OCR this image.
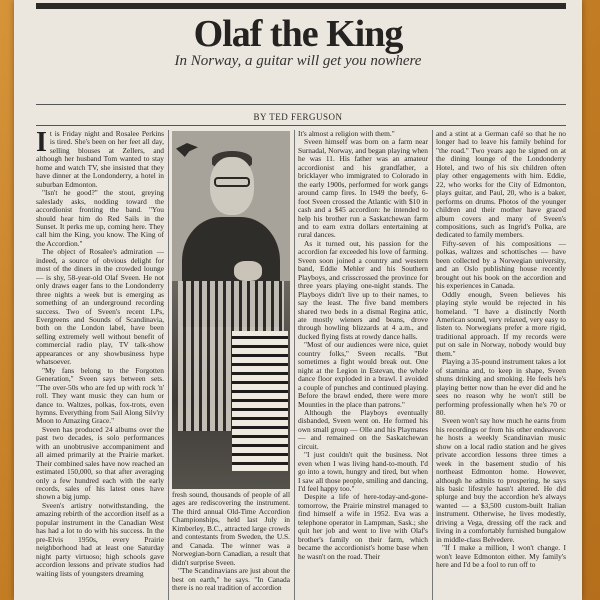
Olaf the King
In Norway, a guitar will get you nowhere
BY TED FERGUSON

It is Friday night and Rosalee Perkins is tired. She's been on her feet all day, selling blouses at Zellers, and although her husband Tom wanted to stay home and watch TV, she insisted that they have dinner at the Londonderry, a hotel in suburban Edmonton.

"Isn't he good?" the stout, greying saleslady asks, nodding toward the accordionist fronting the band. "You should hear him do Red Sails in the Sunset. It perks me up, coming here. They call him the King, you know. The King of the Accordion."

The object of Rosalee's admiration — indeed, a source of obvious delight for most of the diners in the crowded lounge — is shy, 58-year-old Olaf Sveen. He not only draws eager fans to the Londonderry three nights a week but is emerging as something of an underground recording success. Two of Sveen's recent LPs, Evergreens and Sounds of Scandinavia, both on the London label, have been selling extremely well without benefit of commercial radio play, TV talk-show appearances or any showbusiness hype whatsoever.

"My fans belong to the Forgotten Generation," Sveen says between sets. "The over-50s who are fed up with rock 'n' roll. They want music they can hum or dance to. Waltzes, polkas, fox-trots, even hymns. Everything from Sail Along Silv'ry Moon to Amazing Grace."

Sveen has produced 24 albums over the past two decades, is solo performances with an unobtrusive accompaniment and all aimed primarily at the Prairie market. Their combined sales have now reached an estimated 150,000, so that after averaging only a few hundred each with the early records, sales of his latest ones have shown a big jump.

Sveen's artistry notwithstanding, the amazing rebirth of the accordion itself as a popular instrument in the Canadian West has had a lot to do with his success. In the pre-Elvis 1950s, every Prairie neighborhood had at least one Saturday night party virtuoso; high schools gave accordion lessons and private studios had waiting lists of youngsters dreaming

fresh sound, thousands of people of all ages are rediscovering the instrument. The third annual Old-Time Accordion Championships, held last July in Kimberley, B.C., attracted large crowds and contestants from Sweden, the U.S. and Canada. The winner was a Norwegian-born Canadian, a result that didn't surprise Sveen.

"The Scandinavians are just about the best on earth," he says. "In Canada there is no real tradition of accordion

It's almost a religion with them."

Sveen himself was born on a farm near Surnadal, Norway, and began playing when he was 11. His father was an amateur accordionist and his grandfather, a bricklayer who immigrated to Colorado in the early 1900s, performed for work gangs around camp fires. In 1949 the beefy, 6-foot Sveen crossed the Atlantic with $10 in cash and a $45 accordion: he intended to help his brother run a Saskatchewan farm and to earn extra dollars entertaining at rural dances.

As it turned out, his passion for the accordion far exceeded his love of farming. Sveen soon joined a country and western band, Eddie Mehler and his Southern Playboys, and crisscrossed the province for three years playing one-night stands. The Playboys didn't live up to their names, to say the least. The five band members shared two beds in a dismal Regina attic, ate mostly wieners and beans, drove through howling blizzards at 4 a.m., and ducked flying fists at rowdy dance halls.

"Most of our audiences were nice, quiet country folks," Sveen recalls. "But sometimes a fight would break out. One night at the Legion in Estevan, the whole dance floor exploded in a brawl. I avoided a couple of punches and continued playing. Before the brawl ended, there were more Mounties in the place than patrons."

Although the Playboys eventually disbanded, Sveen went on. He formed his own small group — Olle and his Playmates — and remained on the Saskatchewan circuit.

"I just couldn't quit the business. Not even when I was living hand-to-mouth. I'd go into a town, hungry and tired, but when I saw all those people, smiling and dancing, I'd feel happy too."

Despite a life of here-today-and-gone-tomorrow, the Prairie minstrel managed to find himself a wife in 1952. Eva was a telephone operator in Lampman, Sask.; she quit her job and went to live with Olaf's brother's family on their farm, which became the accordionist's home base when he wasn't on the road. Their

and a stint at a German café so that he no longer had to leave his family behind for "the road." Two years ago he signed on at the dining lounge of the Londonderry Hotel, and two of his six children often play other engagements with him. Eddie, 22, who works for the City of Edmonton, plays guitar, and Paul, 20, who is a baker, performs on drums. Photos of the younger children and their mother have graced album covers and many of Sveen's compositions, such as Ingrid's Polka, are dedicated to family members.

Fifty-seven of his compositions — polkas, waltzes and schottisches — have been collected by a Norwegian university, and an Oslo publishing house recently brought out his book on the accordion and his experiences in Canada.

Oddly enough, Sveen believes his playing style would be rejected in his homeland. "I have a distinctly North American sound, very relaxed, very easy to listen to. Norwegians prefer a more rigid, traditional approach. If my records were put on sale in Norway, nobody would buy them."

Playing a 35-pound instrument takes a lot of stamina and, to keep in shape, Sveen shuns drinking and smoking. He feels he's playing better now than he ever did and he sees no reason why he won't still be performing professionally when he's 70 or 80.

Sveen won't say how much he earns from his recordings or from his other endeavors: he hosts a weekly Scandinavian music show on a local radio station and he gives private accordion lessons three times a week in the basement studio of his northeast Edmonton home. However, although he admits to prospering, he says his basic lifestyle hasn't altered. He did splurge and buy the accordion he's always wanted — a $3,500 custom-built Italian instrument. Otherwise, he lives modestly, driving a Vega, dressing off the rack and living in a comfortably furnished bungalow in middle-class Belvedere.

"If I make a million, I won't change. I won't leave Edmonton either. My family's here and I'd be a fool to run off to
